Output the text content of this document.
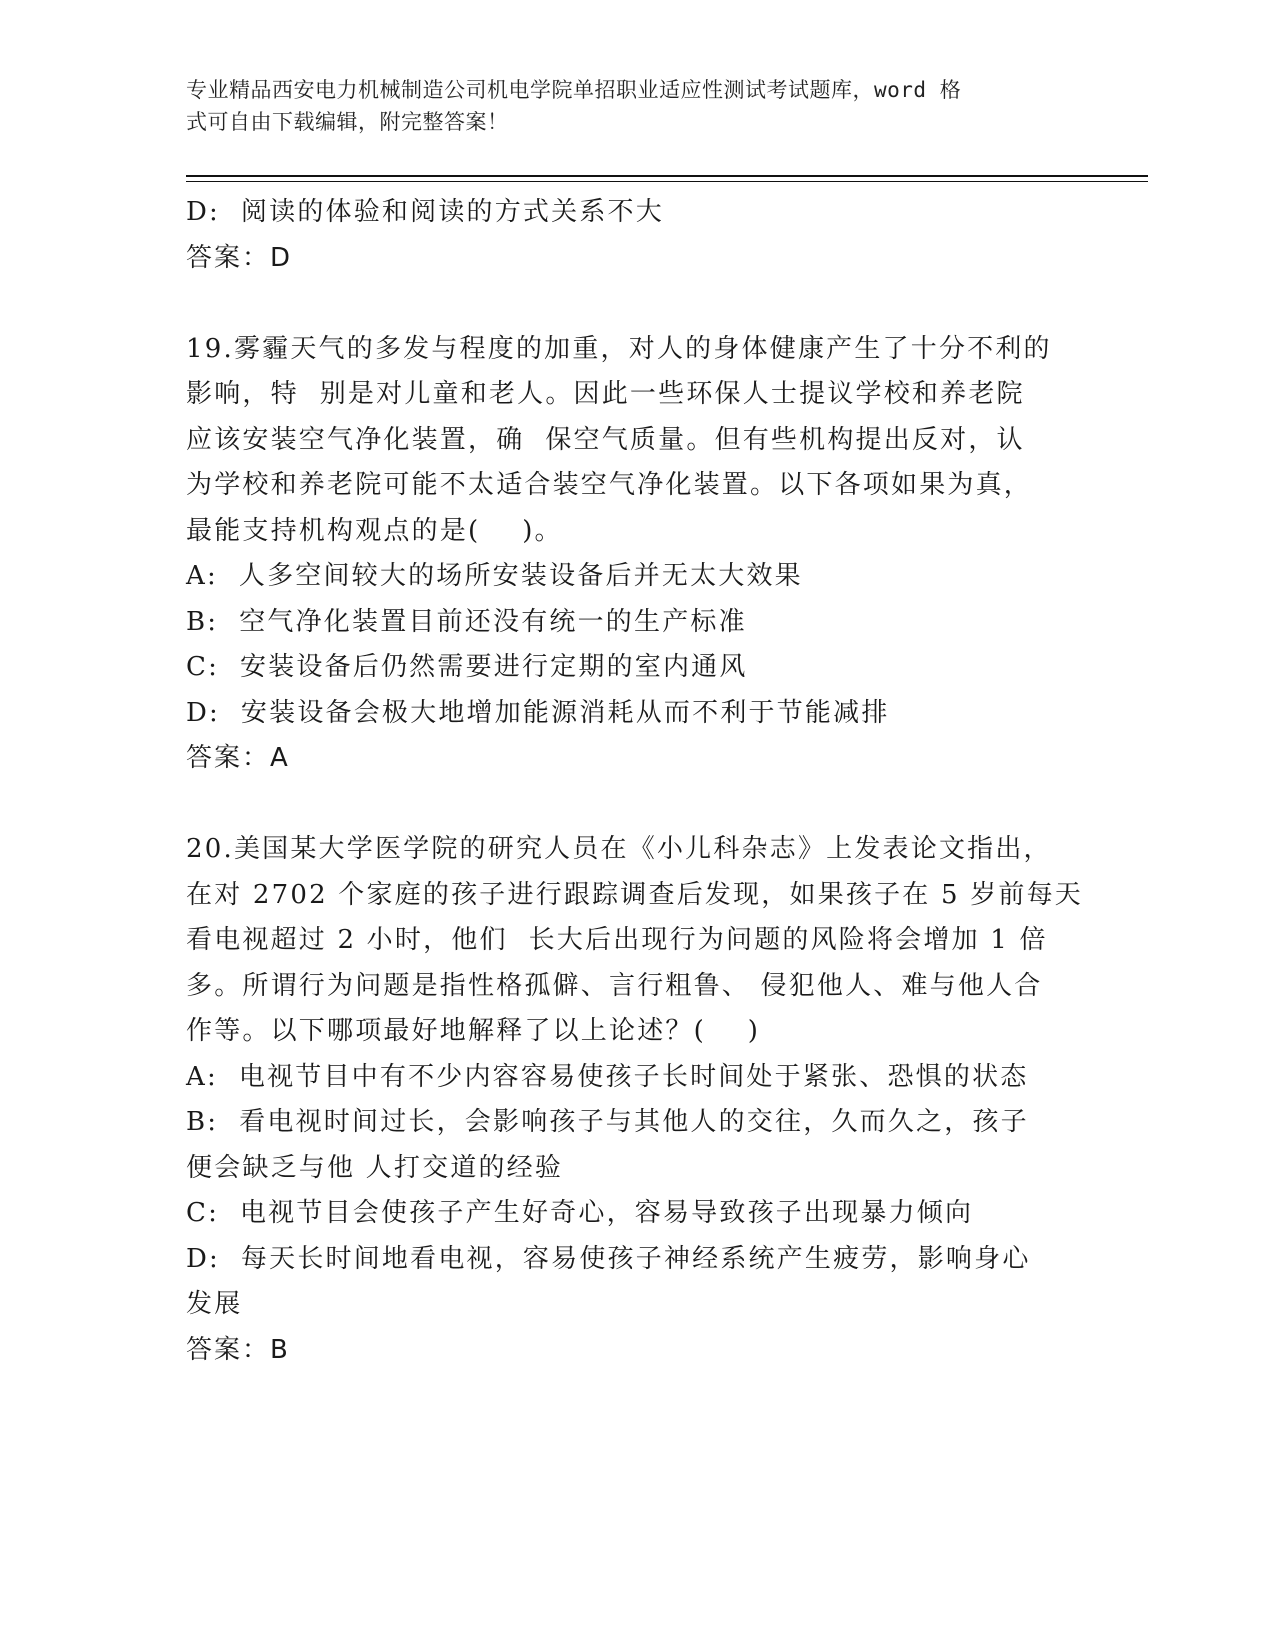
专业精品西安电力机械制造公司机电学院单招职业适应性测试考试题库，word 格
式可自由下载编辑，附完整答案！
D:  阅读的体验和阅读的方式关系不大
答案：D
19.雾霾天气的多发与程度的加重，对人的身体健康产生了十分不利的
影响，特  别是对儿童和老人。因此一些环保人士提议学校和养老院
应该安装空气净化装置，确  保空气质量。但有些机构提出反对，认
为学校和养老院可能不太适合装空气净化装置。以下各项如果为真，
最能支持机构观点的是(    )。
A:  人多空间较大的场所安装设备后并无太大效果
B:  空气净化装置目前还没有统一的生产标准
C:  安装设备后仍然需要进行定期的室内通风
D:  安装设备会极大地增加能源消耗从而不利于节能减排
答案：A
20.美国某大学医学院的研究人员在《小儿科杂志》上发表论文指出，
在对 2702 个家庭的孩子进行跟踪调查后发现，如果孩子在 5 岁前每天
看电视超过 2 小时，他们  长大后出现行为问题的风险将会增加 1 倍
多。所谓行为问题是指性格孤僻、言行粗鲁、 侵犯他人、难与他人合
作等。以下哪项最好地解释了以上论述？(    )
A:  电视节目中有不少内容容易使孩子长时间处于紧张、恐惧的状态
B:  看电视时间过长，会影响孩子与其他人的交往，久而久之，孩子
便会缺乏与他 人打交道的经验
C:  电视节目会使孩子产生好奇心，容易导致孩子出现暴力倾向
D:  每天长时间地看电视，容易使孩子神经系统产生疲劳，影响身心
发展
答案：B
